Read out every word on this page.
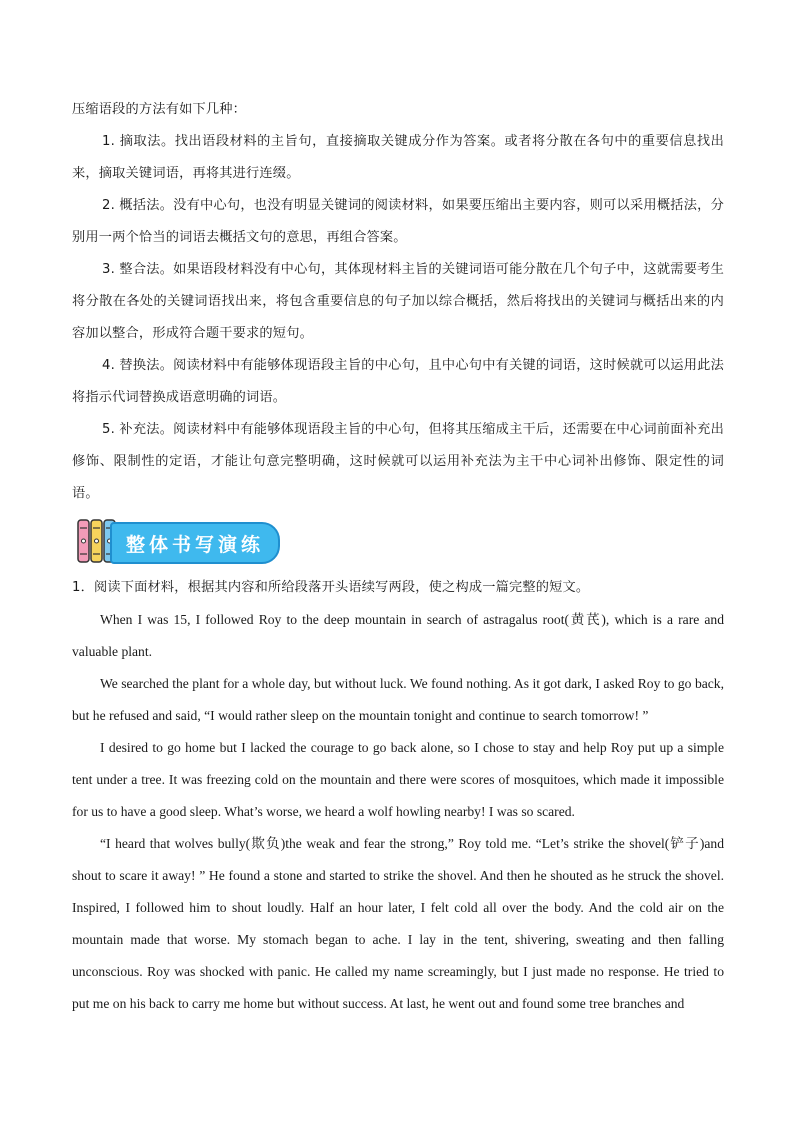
压缩语段的方法有如下几种：

1. 摘取法。找出语段材料的主旨句，直接摘取关键成分作为答案。或者将分散在各句中的重要信息找出来，摘取关键词语，再将其进行连缀。

2. 概括法。没有中心句，也没有明显关键词的阅读材料，如果要压缩出主要内容，则可以采用概括法，分别用一两个恰当的词语去概括文句的意思，再组合答案。

3. 整合法。如果语段材料没有中心句，其体现材料主旨的关键词语可能分散在几个句子中，这就需要考生将分散在各处的关键词语找出来，将包含重要信息的句子加以综合概括，然后将找出的关键词与概括出来的内容加以整合，形成符合题干要求的短句。

4. 替换法。阅读材料中有能够体现语段主旨的中心句，且中心句中有关键的词语，这时候就可以运用此法将指示代词替换成语意明确的词语。

5. 补充法。阅读材料中有能够体现语段主旨的中心句，但将其压缩成主干后，还需要在中心词前面补充出修饰、限制性的定语，才能让句意完整明确，这时候就可以运用补充法为主干中心词补出修饰、限定性的词语。

整体书写演练
1．阅读下面材料，根据其内容和所给段落开头语续写两段，使之构成一篇完整的短文。

When I was 15, I followed Roy to the deep mountain in search of astragalus root(黄芪), which is a rare and valuable plant.

We searched the plant for a whole day, but without luck. We found nothing. As it got dark, I asked Roy to go back, but he refused and said, “I would rather sleep on the mountain tonight and continue to search tomorrow! ”

I desired to go home but I lacked the courage to go back alone, so I chose to stay and help Roy put up a simple tent under a tree. It was freezing cold on the mountain and there were scores of mosquitoes, which made it impossible for us to have a good sleep. What’s worse, we heard a wolf howling nearby! I was so scared.

“I heard that wolves bully(欺负)the weak and fear the strong,” Roy told me. “Let’s strike the shovel(铲子)and shout to scare it away! ” He found a stone and started to strike the shovel. And then he shouted as he struck the shovel. Inspired, I followed him to shout loudly. Half an hour later, I felt cold all over the body. And the cold air on the mountain made that worse. My stomach began to ache. I lay in the tent, shivering, sweating and then falling unconscious. Roy was shocked with panic. He called my name screamingly, but I just made no response. He tried to put me on his back to carry me home but without success. At last, he went out and found some tree branches and
